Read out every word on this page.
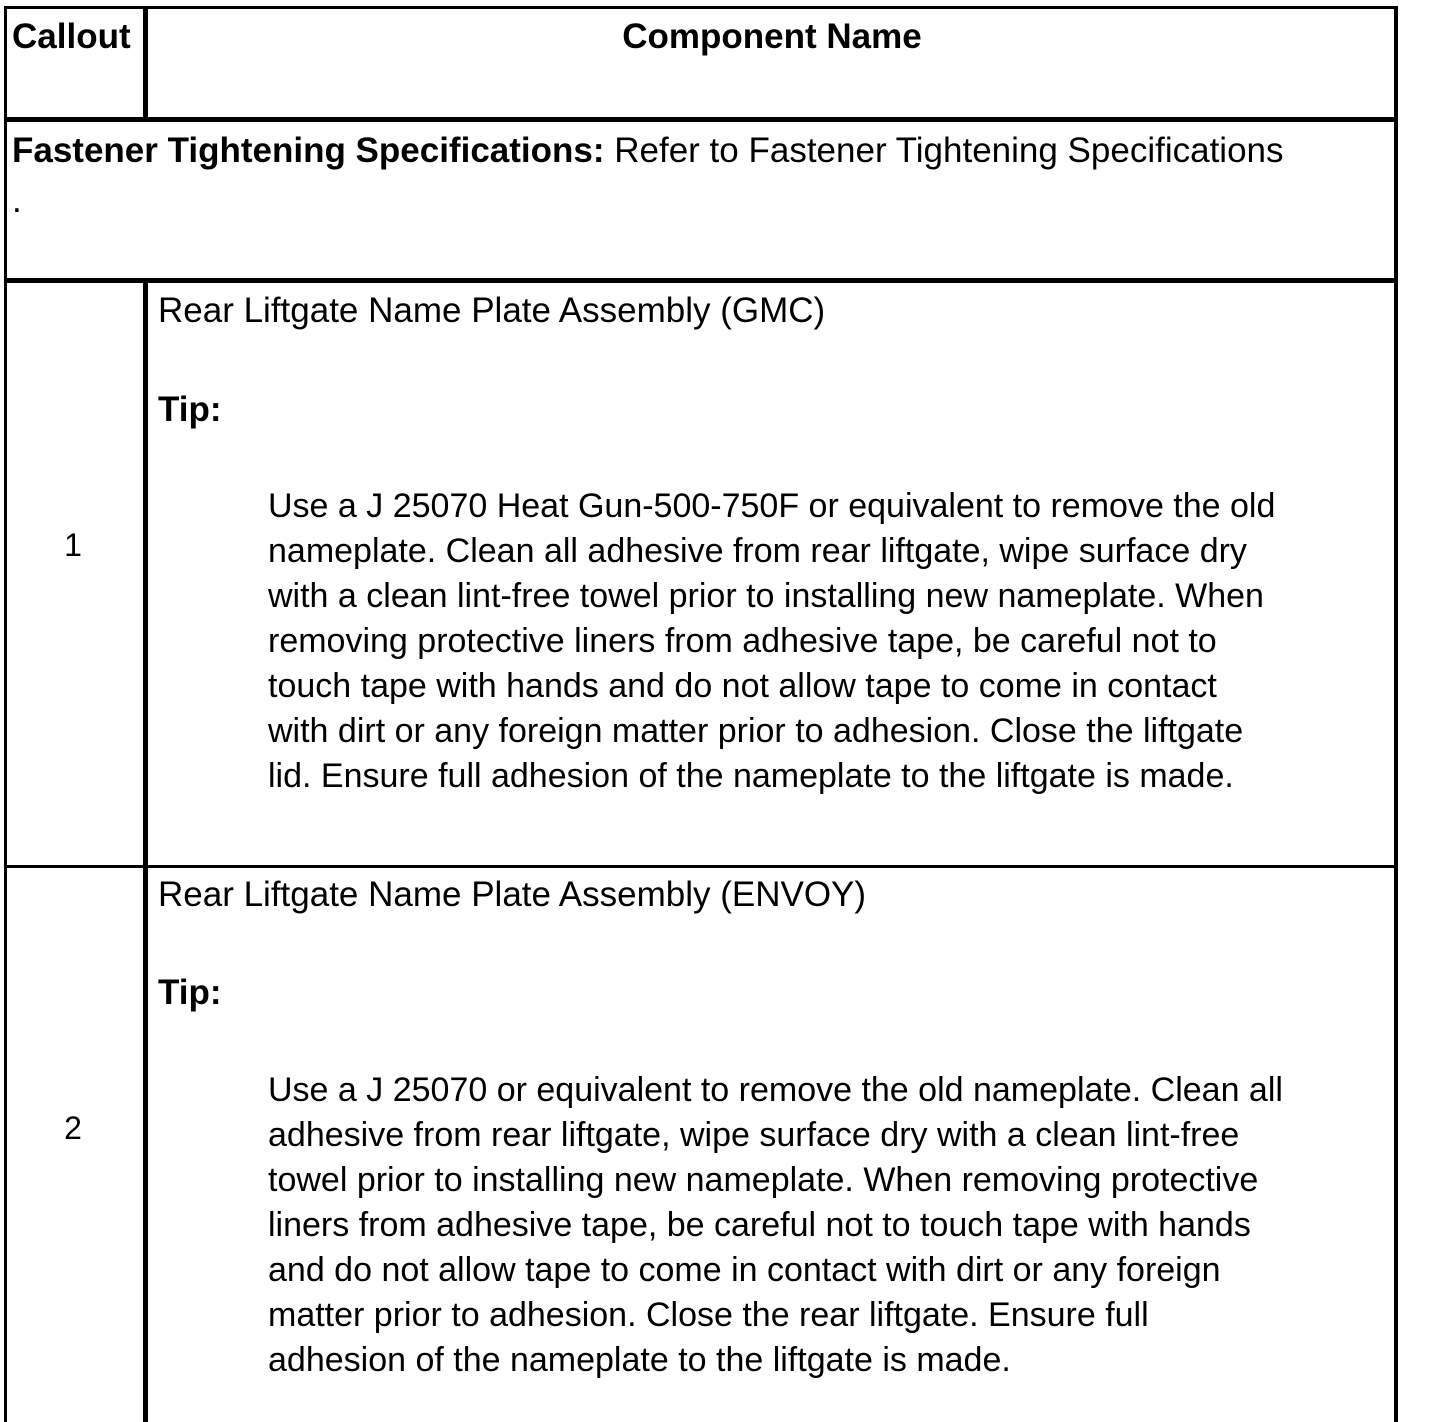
Callout	Component Name
Fastener Tightening Specifications: Refer to Fastener Tightening Specifications
.
1
Rear Liftgate Name Plate Assembly (GMC)
Tip:
Use a J 25070 Heat Gun-500-750F or equivalent to remove the old
nameplate. Clean all adhesive from rear liftgate, wipe surface dry
with a clean lint-free towel prior to installing new nameplate. When
removing protective liners from adhesive tape, be careful not to
touch tape with hands and do not allow tape to come in contact
with dirt or any foreign matter prior to adhesion. Close the liftgate
lid. Ensure full adhesion of the nameplate to the liftgate is made.
2
Rear Liftgate Name Plate Assembly (ENVOY)
Tip:
Use a J 25070 or equivalent to remove the old nameplate. Clean all
adhesive from rear liftgate, wipe surface dry with a clean lint-free
towel prior to installing new nameplate. When removing protective
liners from adhesive tape, be careful not to touch tape with hands
and do not allow tape to come in contact with dirt or any foreign
matter prior to adhesion. Close the rear liftgate. Ensure full
adhesion of the nameplate to the liftgate is made.
